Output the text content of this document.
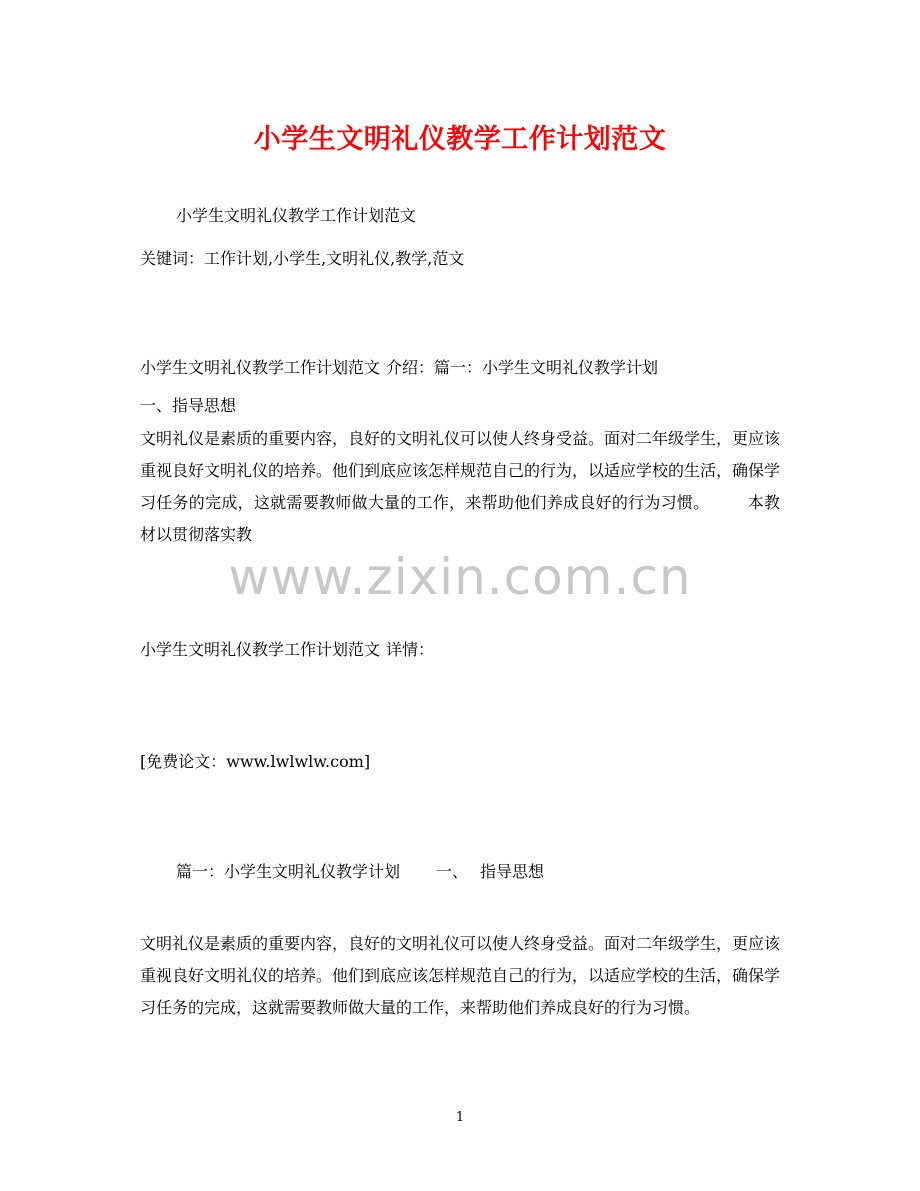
小学生文明礼仪教学工作计划范文
小学生文明礼仪教学工作计划范文
关键词：工作计划,小学生,文明礼仪,教学,范文
小学生文明礼仪教学工作计划范文 介绍：篇一：小学生文明礼仪教学计划
一、指导思想
文明礼仪是素质的重要内容，良好的文明礼仪可以使人终身受益。面对二年级学生，更应该重视良好文明礼仪的培养。他们到底应该怎样规范自己的行为，以适应学校的生活，确保学习任务的完成，这就需要教师做大量的工作，来帮助他们养成良好的行为习惯。 本教材以贯彻落实教
www.zixin.com.cn
小学生文明礼仪教学工作计划范文 详情：
[免费论文：www.lwlwlw.com]
篇一：小学生文明礼仪教学计划 一、 指导思想
文明礼仪是素质的重要内容，良好的文明礼仪可以使人终身受益。面对二年级学生，更应该重视良好文明礼仪的培养。他们到底应该怎样规范自己的行为，以适应学校的生活，确保学习任务的完成，这就需要教师做大量的工作，来帮助他们养成良好的行为习惯。
1
